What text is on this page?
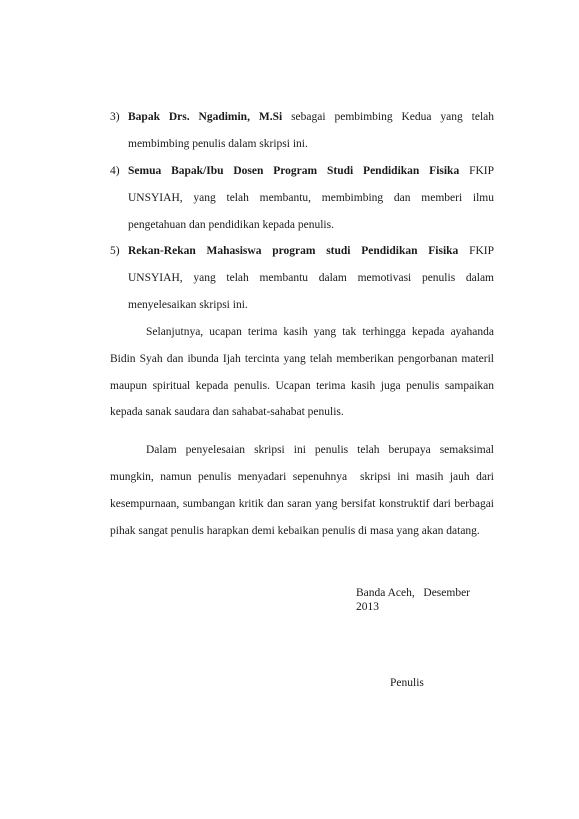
3) Bapak Drs. Ngadimin, M.Si sebagai pembimbing Kedua yang telah
membimbing penulis dalam skripsi ini.
4) Semua Bapak/Ibu Dosen Program Studi Pendidikan Fisika FKIP
UNSYIAH, yang telah membantu, membimbing dan memberi ilmu
pengetahuan dan pendidikan kepada penulis.
5) Rekan-Rekan Mahasiswa program studi Pendidikan Fisika FKIP
UNSYIAH, yang telah membantu dalam memotivasi penulis dalam
menyelesaikan skripsi ini.
Selanjutnya, ucapan terima kasih yang tak terhingga kepada ayahanda
Bidin Syah dan ibunda Ijah tercinta yang telah memberikan pengorbanan materil
maupun spiritual kepada penulis. Ucapan terima kasih juga penulis sampaikan
kepada sanak saudara dan sahabat-sahabat penulis.
Dalam penyelesaian skripsi ini penulis telah berupaya semaksimal
mungkin, namun penulis menyadari sepenuhnya  skripsi ini masih jauh dari
kesempurnaan, sumbangan kritik dan saran yang bersifat konstruktif dari berbagai
pihak sangat penulis harapkan demi kebaikan penulis di masa yang akan datang.
Banda Aceh,   Desember
2013
Penulis
